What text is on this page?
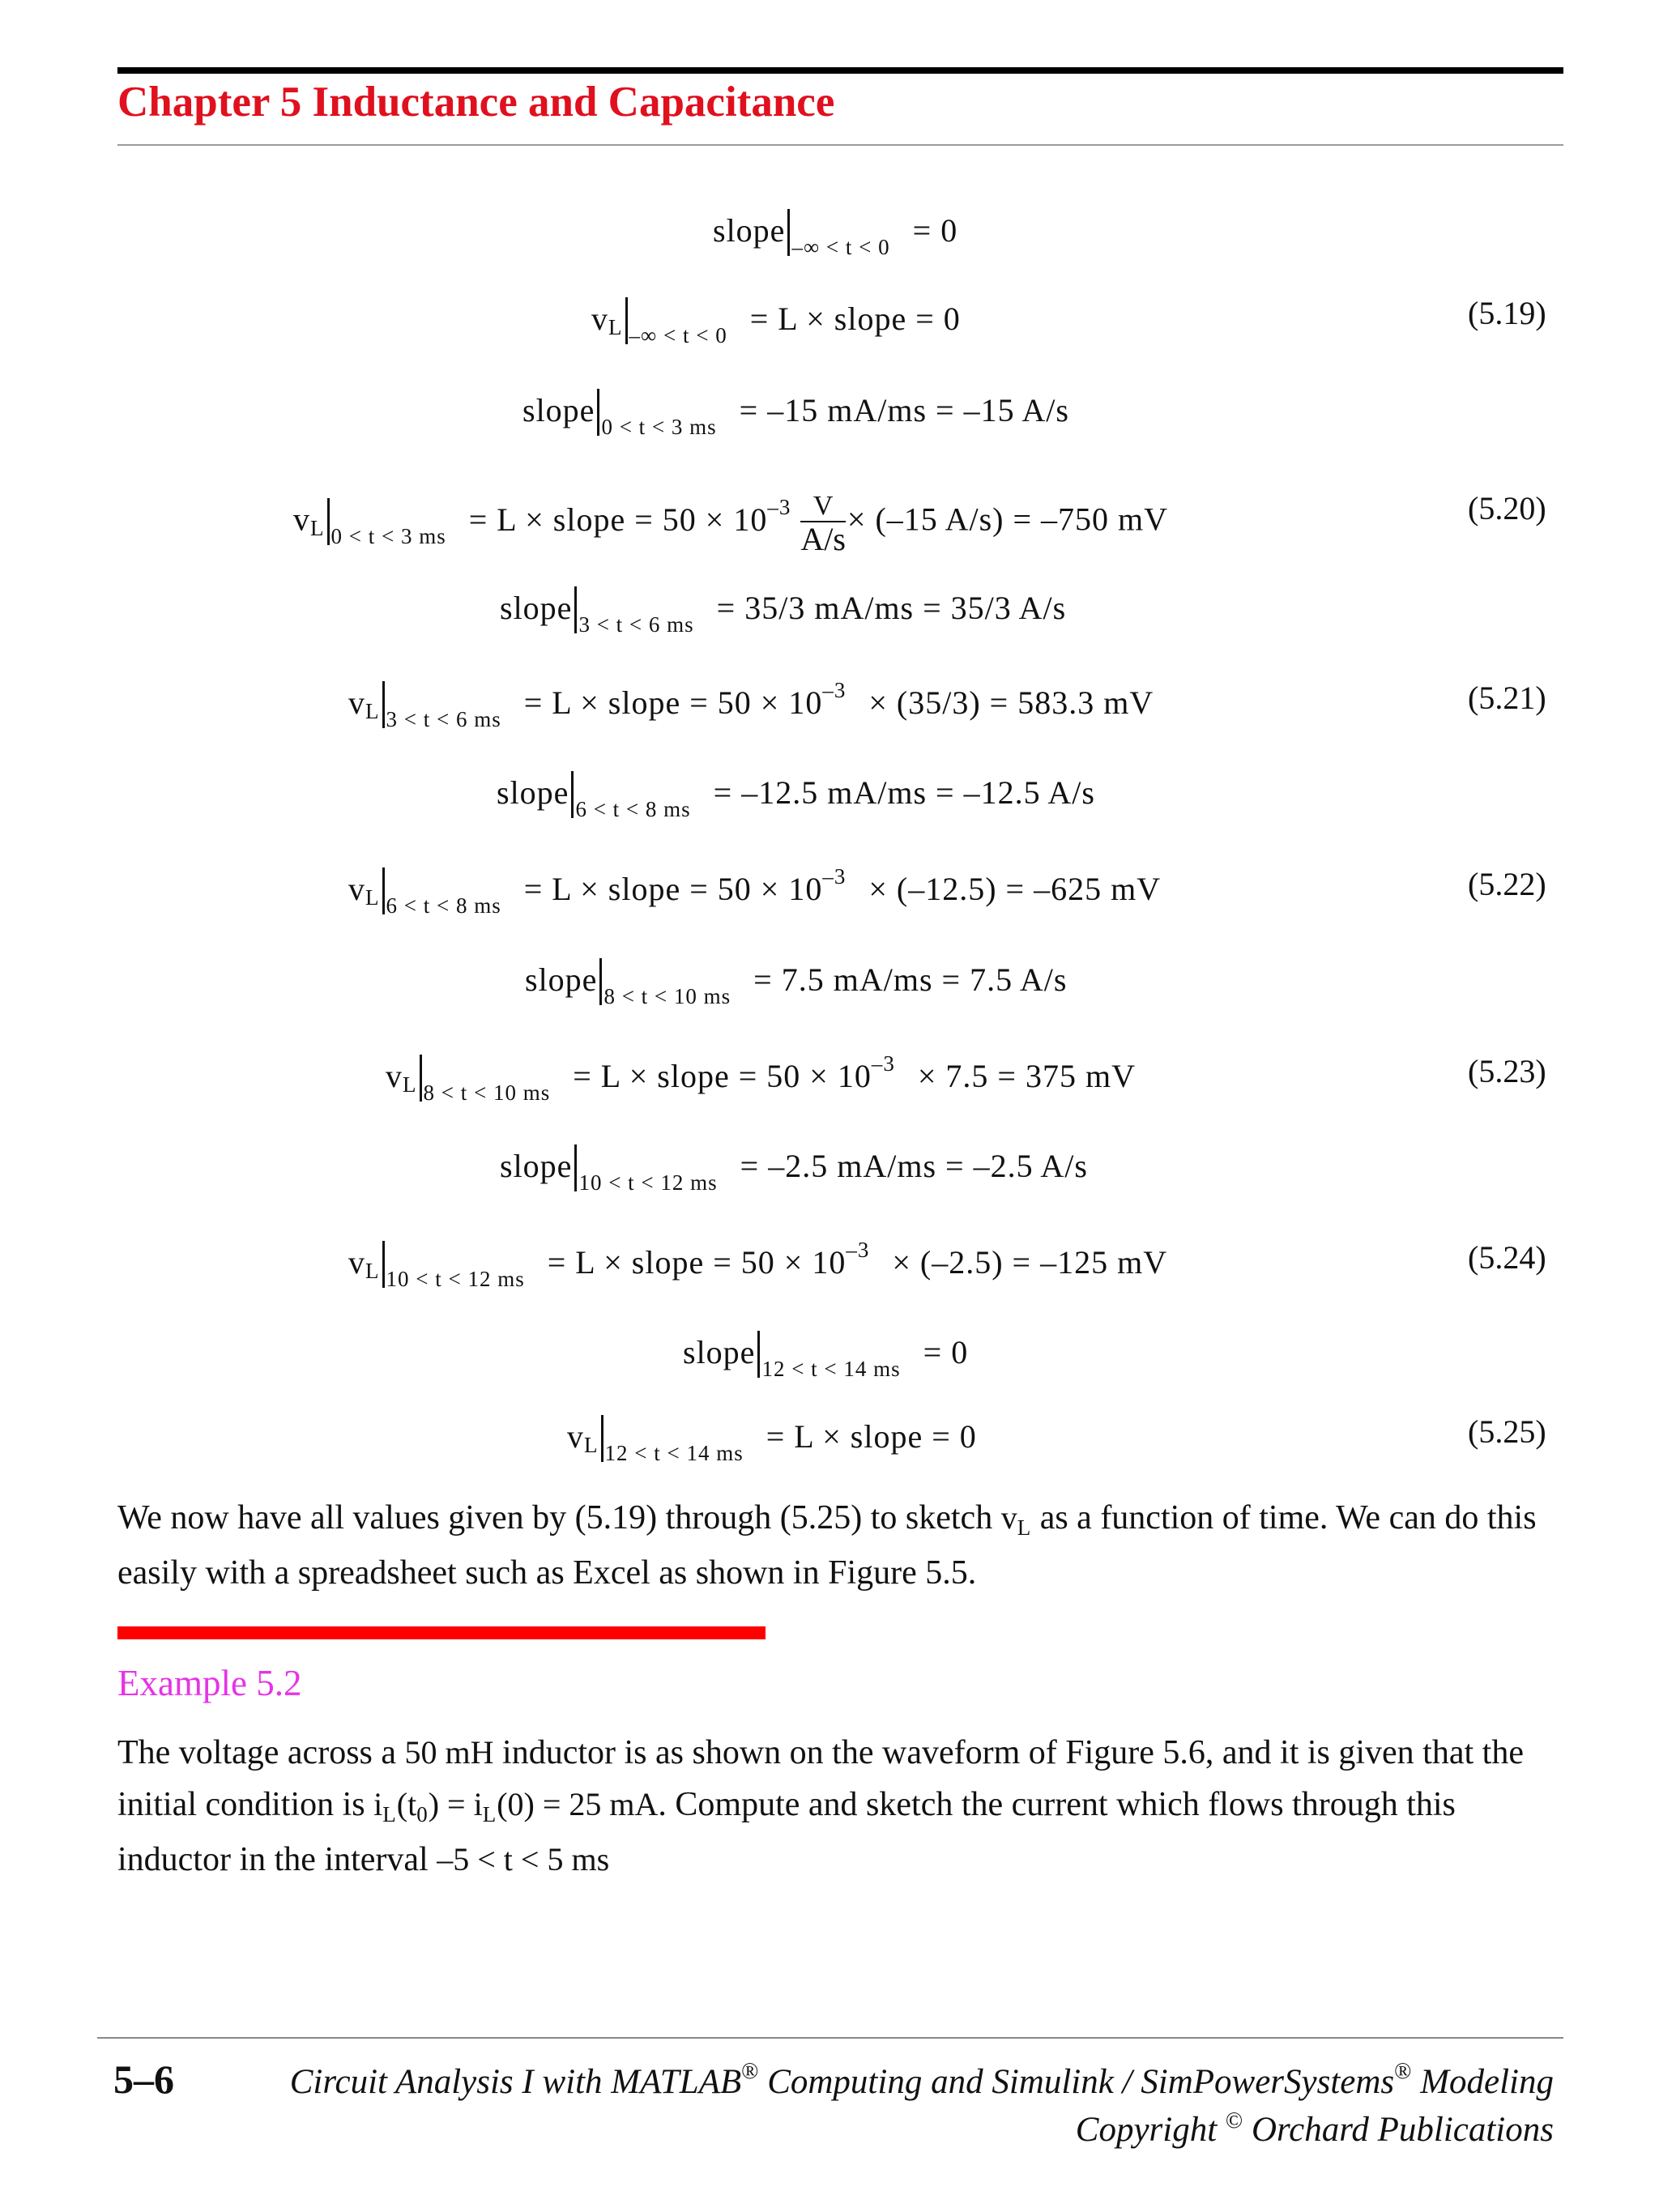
Chapter 5 Inductance and Capacitance
slope $_{-\infty < t < 0}$ = 0
vL $_{-\infty < t < 0}$ = L × slope = 0	(5.19)
slope $_{0 < t < 3 ms}$ = –15 mA/ms = –15 A/s
vL $_{0 < t < 3 ms}$ = L × slope = $50 \times 10^{-3} \frac{V}{A/s} \times (-15$ A/s) = –750 mV	(5.20)
slope $_{3 < t < 6 ms}$ = 35/3 mA/ms = 35/3 A/s
vL $_{3 < t < 6 ms}$ = L × slope = $50 \times 10^{-3} \times (35/3) = 583.3$ mV	(5.21)
slope $_{6 < t < 8 ms}$ = –12.5 mA/ms = –12.5 A/s
vL $_{6 < t < 8 ms}$ = L × slope = $50 \times 10^{-3} \times (-12.5) = -625$ mV	(5.22)
slope $_{8 < t < 10 ms}$ = 7.5 mA/ms = 7.5 A/s
vL $_{8 < t < 10 ms}$ = L × slope = $50 \times 10^{-3} \times 7.5 = 375$ mV	(5.23)
slope $_{10 < t < 12 ms}$ = –2.5 mA/ms = –2.5 A/s
vL $_{10 < t < 12 ms}$ = L × slope = $50 \times 10^{-3} \times (-2.5) = -125$ mV	(5.24)
slope $_{12 < t < 14 ms}$ = 0
vL $_{12 < t < 14 ms}$ = L × slope = 0	(5.25)
We now have all values given by (5.19) through (5.25) to sketch vL as a function of time. We can do this easily with a spreadsheet such as Excel as shown in Figure 5.5.
Example 5.2
The voltage across a 50 mH inductor is as shown on the waveform of Figure 5.6, and it is given that the initial condition is $i_L(t_0) = i_L(0) = 25$ mA. Compute and sketch the current which flows through this inductor in the interval –5 < t < 5 ms
5–6	Circuit Analysis I with MATLAB® Computing and Simulink / SimPowerSystems® Modeling
Copyright © Orchard Publications
